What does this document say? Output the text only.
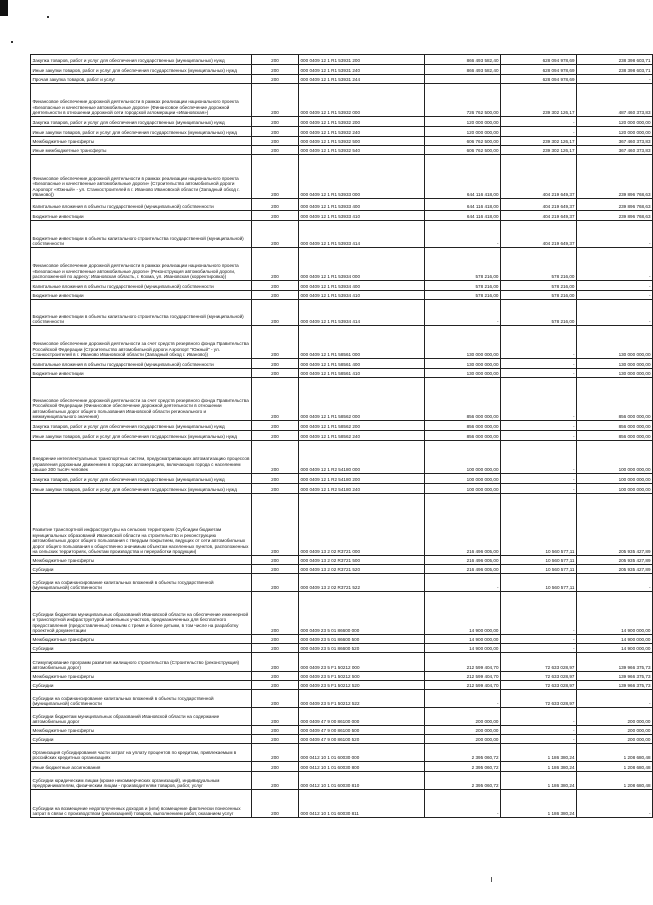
Закупка товаров, работ и услуг для обеспечения государственных (муниципальных) нужд	200	000 0409 12 1 R1 53931 200	866 493 582,40	628 094 978,69	238 398 603,71
Иные закупки товаров, работ и услуг для обеспечения государственных (муниципальных) нужд	200	000 0409 12 1 R1 53931 240	866 493 582,40	628 094 978,69	238 398 603,71
Прочая закупка товаров, работ и услуг	200	000 0409 12 1 R1 53931 244		628 094 978,69	-
Финансовое обеспечение дорожной деятельности в рамках реализации национального проекта «Безопасные и качественные автомобильные дороги» (Финансовое обеспечение дорожной деятельности в отношении дорожной сети городской агломерации «Ивановская»)	200	000 0409 12 1 R1 53932 000	726 762 500,00	239 302 126,17	487 460 373,83
Закупка товаров, работ и услуг для обеспечения государственных (муниципальных) нужд	200	000 0409 12 1 R1 53932 200	120 000 000,00	-	120 000 000,00
Иные закупки товаров, работ и услуг для обеспечения государственных (муниципальных) нужд	200	000 0409 12 1 R1 53932 240	120 000 000,00	-	120 000 000,00
Межбюджетные трансферты	200	000 0409 12 1 R1 53932 500	606 762 500,00	239 302 126,17	367 460 373,83
Иные межбюджетные трансферты	200	000 0409 12 1 R1 53932 540	606 762 500,00	239 302 126,17	367 460 373,83
Финансовое обеспечение дорожной деятельности в рамках реализации национального проекта «Безопасные и качественные автомобильные дороги» (Строительство автомобильной дороги Аэропорт «Южный» - ул. Станкостроителей в г. Иваново Ивановской области (Западный обход г. Иваново))	200	000 0409 12 1 R1 53933 000	644 116 418,00	404 219 649,37	239 896 768,63
Капитальные вложения в объекты государственной (муниципальной) собственности	200	000 0409 12 1 R1 53933 400	644 116 418,00	404 219 649,37	239 896 768,63
Бюджетные инвестиции	200	000 0409 12 1 R1 53933 410	644 116 418,00	404 219 649,37	239 896 768,63
Бюджетные инвестиции в объекты капитального строительства государственной (муниципальной) собственности	200	000 0409 12 1 R1 53933 414	-	404 219 649,37	-
Финансовое обеспечение дорожной деятельности в рамках реализации национального проекта «Безопасные и качественные автомобильные дороги» (Реконструкция автомобильной дороги, расположенной по адресу: Ивановская область, г. Кохма, ул. Ивановская (корректировка))	200	000 0409 12 1 R1 53934 000	578 216,00	578 216,00	-
Капитальные вложения в объекты государственной (муниципальной) собственности	200	000 0409 12 1 R1 53934 400	578 216,00	578 216,00	-
Бюджетные инвестиции	200	000 0409 12 1 R1 53934 410	578 216,00	578 216,00	-
Бюджетные инвестиции в объекты капитального строительства государственной (муниципальной) собственности	200	000 0409 12 1 R1 53934 414	-	578 216,00	-
Финансовое обеспечение дорожной деятельности за счет средств резервного фонда Правительства Российской Федерации (Строительство автомобильной дороги Аэропорт "Южный" - ул. Станкостроителей в г. Иваново Ивановской области (Западный обход г. Иваново))	200	000 0409 12 1 R1 58561 000	130 000 000,00	-	130 000 000,00
Капитальные вложения в объекты государственной (муниципальной) собственности	200	000 0409 12 1 R1 58561 400	130 000 000,00	-	130 000 000,00
Бюджетные инвестиции	200	000 0409 12 1 R1 58561 410	130 000 000,00	-	130 000 000,00
Финансовое обеспечение дорожной деятельности за счет средств резервного фонда Правительства Российской Федерации (Финансовое обеспечение дорожной деятельности в отношении автомобильных дорог общего пользования Ивановской области регионального и межмуниципального значения)	200	000 0409 12 1 R1 58562 000	856 000 000,00	-	856 000 000,00
Закупка товаров, работ и услуг для обеспечения государственных (муниципальных) нужд	200	000 0409 12 1 R1 58562 200	856 000 000,00	-	856 000 000,00
Иные закупки товаров, работ и услуг для обеспечения государственных (муниципальных) нужд	200	000 0409 12 1 R1 58562 240	856 000 000,00	-	856 000 000,00
Внедрение интеллектуальных транспортных систем, предусматривающих автоматизацию процессов управления дорожным движением в городских агломерациях, включающих города с населением свыше 300 тысяч человек	200	000 0409 12 1 R2 54180 000	100 000 000,00	-	100 000 000,00
Закупка товаров, работ и услуг для обеспечения государственных (муниципальных) нужд	200	000 0409 12 1 R2 54180 200	100 000 000,00	-	100 000 000,00
Иные закупки товаров, работ и услуг для обеспечения государственных (муниципальных) нужд	200	000 0409 12 1 R2 54180 240	100 000 000,00	-	100 000 000,00
Развитие транспортной инфраструктуры на сельских территориях (Субсидии бюджетам муниципальных образований Ивановской области на строительство и реконструкцию автомобильных дорог общего пользования с твердым покрытием, ведущих от сети автомобильных дорог общего пользования к общественно значимым объектам населенных пунктов, расположенных на сельских территориях, объектам производства и переработки продукции)	200	000 0409 13 2 02 R3721 000	216 496 005,00	10 560 577,11	205 935 427,89
Межбюджетные трансферты	200	000 0409 13 2 02 R3721 500	216 496 005,00	10 560 577,11	205 935 427,89
Субсидии	200	000 0409 13 2 02 R3721 520	216 496 005,00	10 560 577,11	205 935 427,89
Субсидии на софинансирование капитальных вложений в объекты государственной (муниципальной) собственности	200	000 0409 13 2 02 R3721 522	-	10 560 577,11	-
Субсидии бюджетам муниципальных образований Ивановской области на обеспечение инженерной и транспортной инфраструктурой земельных участков, предназначенных для бесплатного предоставления (предоставленных) семьям с тремя и более детьми, в том числе на разработку проектной документации	200	000 0409 23 5 01 86600 000	14 900 000,00	-	14 900 000,00
Межбюджетные трансферты	200	000 0409 23 5 01 86600 500	14 900 000,00	-	14 900 000,00
Субсидии	200	000 0409 23 5 01 86600 520	14 900 000,00	-	14 900 000,00
Стимулирование программ развития жилищного строительства (Строительство (реконструкция) автомобильных дорог)	200	000 0409 23 5 F1 50212 000	212 599 404,70	72 633 028,97	139 966 375,73
Межбюджетные трансферты	200	000 0409 23 5 F1 50212 500	212 599 404,70	72 633 028,97	139 966 375,73
Субсидии	200	000 0409 23 5 F1 50212 520	212 599 404,70	72 633 028,97	139 966 375,73
Субсидии на софинансирование капитальных вложений в объекты государственной (муниципальной) собственности	200	000 0409 23 5 F1 50212 522	-	72 633 028,97	-
Субсидии бюджетам муниципальных образований Ивановской области на содержание автомобильных дорог	200	000 0409 47 9 00 86100 000	200 000,00	-	200 000,00
Межбюджетные трансферты	200	000 0409 47 9 00 86100 500	200 000,00	-	200 000,00
Субсидии	200	000 0409 47 9 00 86100 520	200 000,00	-	200 000,00
Организация субсидирования части затрат на уплату процентов по кредитам, привлекаемым в российских кредитных организациях	200	000 0412 10 1 01 60030 000	2 395 060,72	1 186 380,24	1 208 680,48
Иные бюджетные ассигнования	200	000 0412 10 1 01 60030 800	2 395 060,72	1 186 380,24	1 208 680,48
Субсидии юридическим лицам (кроме некоммерческих организаций), индивидуальным предпринимателям, физическим лицам - производителям товаров, работ, услуг	200	000 0412 10 1 01 60030 810	2 395 060,72	1 186 380,24	1 208 680,48
Субсидии на возмещение недополученных доходов и (или) возмещение фактически понесенных затрат в связи с производством (реализацией) товаров, выполнением работ, оказанием услуг	200	000 0412 10 1 01 60030 811	-	1 186 380,24	-
